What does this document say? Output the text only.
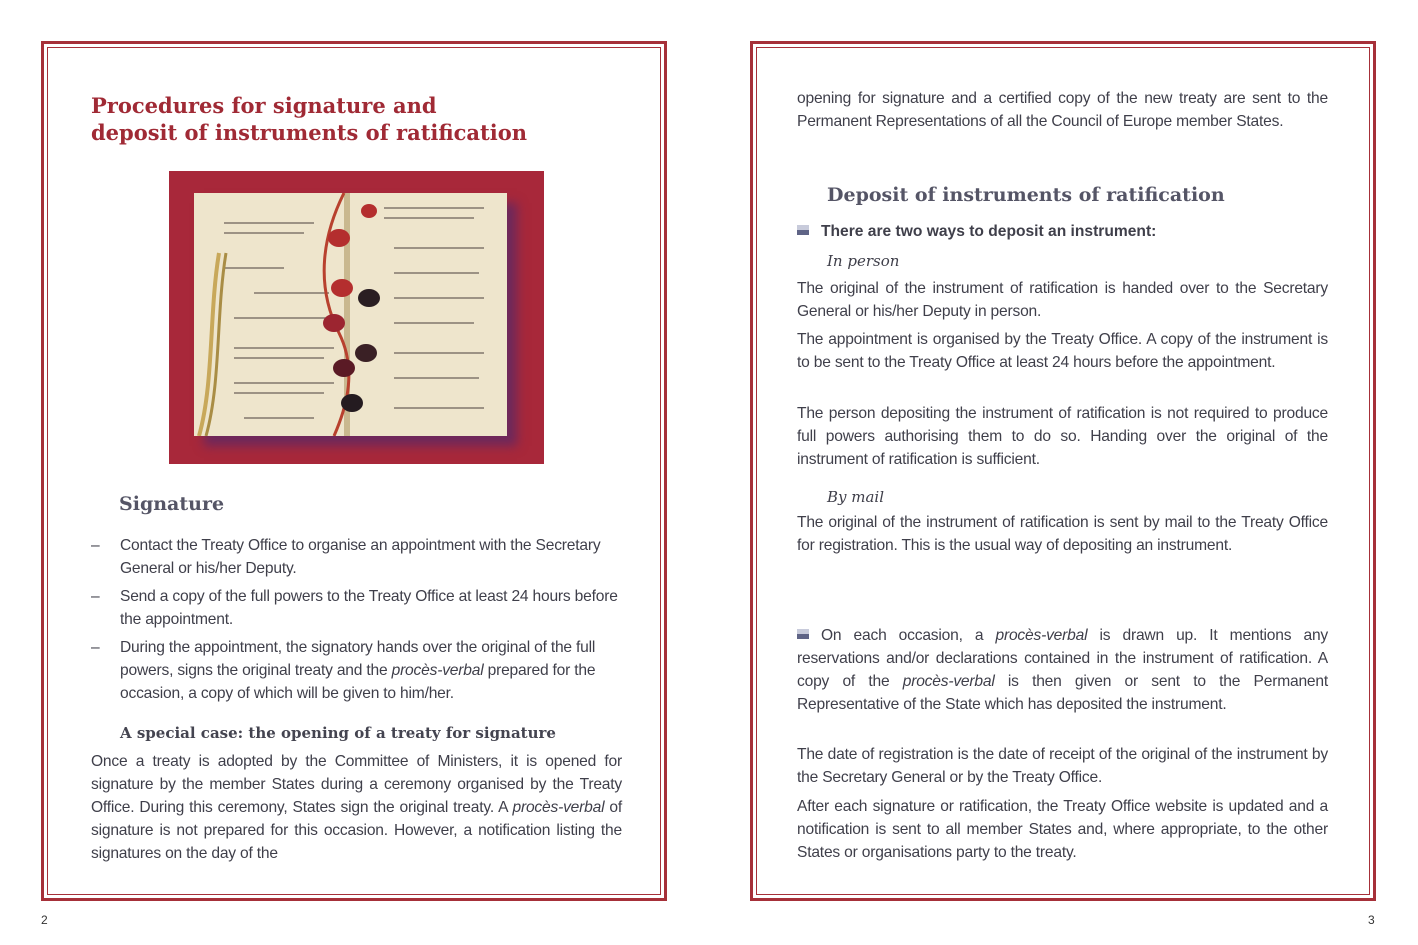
Procedures for signature and
deposit of instruments of ratification
Signature
– Contact the Treaty Office to organise an appointment with the Secretary General or his/her Deputy.
– Send a copy of the full powers to the Treaty Office at least 24 hours before the appointment.
– During the appointment, the signatory hands over the original of the full powers, signs the original treaty and the procès-verbal prepared for the occasion, a copy of which will be given to him/her.
A special case: the opening of a treaty for signature

Once a treaty is adopted by the Committee of Ministers, it is opened for signature by the member States during a ceremony organised by the Treaty Office. During this ceremony, States sign the original treaty. A procès-verbal of signature is not prepared for this occasion. However, a notification listing the signatures on the day of the

2

opening for signature and a certified copy of the new treaty are sent to the Permanent Representations of all the Council of Europe member States.

Deposit of instruments of ratification

There are two ways to deposit an instrument:

In person

The original of the instrument of ratification is handed over to the Secretary General or his/her Deputy in person.

The appointment is organised by the Treaty Office. A copy of the instrument is to be sent to the Treaty Office at least 24 hours before the appointment.

The person depositing the instrument of ratification is not required to produce full powers authorising them to do so. Handing over the original of the instrument of ratification is sufficient.

By mail

The original of the instrument of ratification is sent by mail to the Treaty Office for registration. This is the usual way of depositing an instrument.

On each occasion, a procès-verbal is drawn up. It mentions any reservations and/or declarations contained in the instrument of ratification. A copy of the procès-verbal is then given or sent to the Permanent Representative of the State which has deposited the instrument.

The date of registration is the date of receipt of the original of the instrument by the Secretary General or by the Treaty Office.

After each signature or ratification, the Treaty Office website is updated and a notification is sent to all member States and, where appropriate, to the other States or organisations party to the treaty.

3
